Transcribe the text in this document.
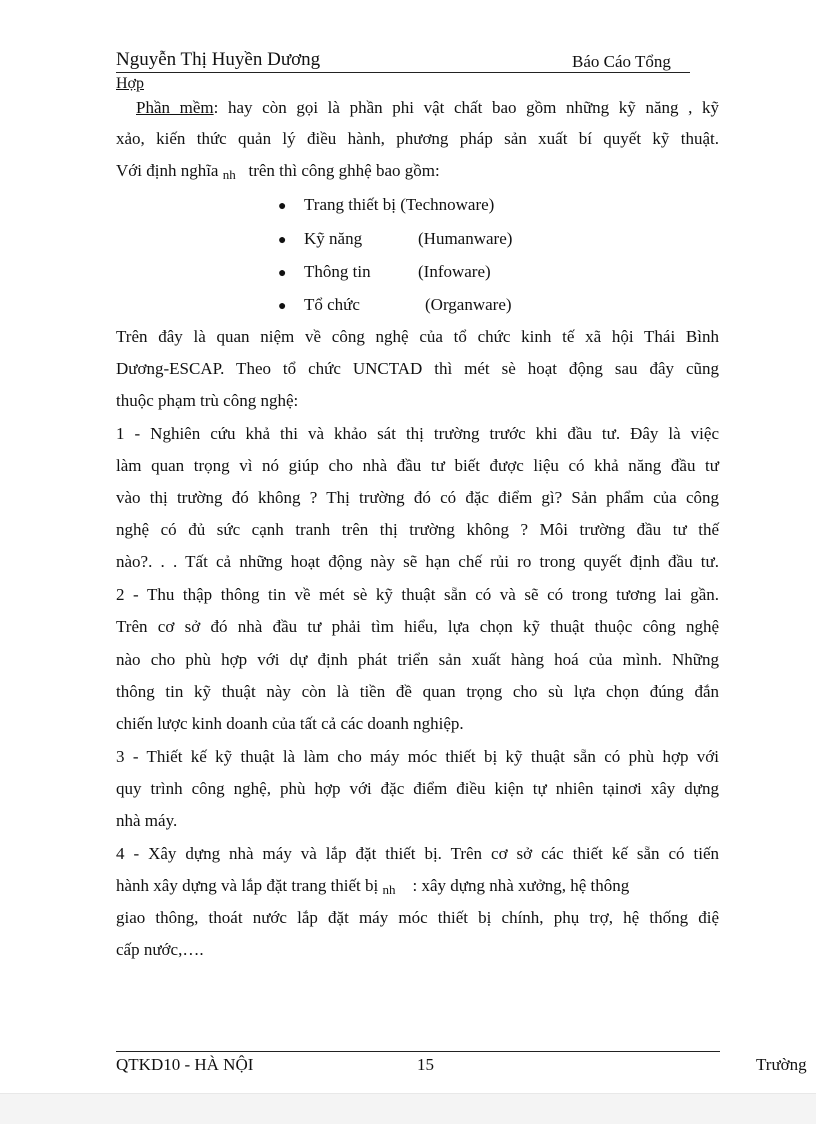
Nguyễn Thị Huyền Dương	Báo Cáo Tổng
Hợp
Phần mềm: hay còn gọi là phần phi vật chất bao gồm những kỹ năng , kỹ
xảo, kiến thức quản lý điều hành, phương pháp sản xuất bí quyết kỹ thuật.
Với định nghĩa nh trên thì công ghhệ bao gồm:
● Trang thiết bị (Technoware)
● Kỹ năng	(Humanware)
● Thông tin	(Infoware)
● Tổ chức	(Organware)
Trên đây là quan niệm về công nghệ của tổ chức kinh tế xã hội Thái Bình
Dương-ESCAP. Theo tổ chức UNCTAD thì mét sè hoạt động sau đây cũng
thuộc phạm trù công nghệ:
1 - Nghiên cứu khả thi và khảo sát thị trường trước khi đầu tư. Đây là việc
làm quan trọng vì nó giúp cho nhà đầu tư biết được liệu có khả năng đầu tư
vào thị trường đó không ? Thị trường đó có đặc điểm gì? Sản phẩm của công
nghệ có đủ sức cạnh tranh trên thị trường không ? Môi trường đầu tư thế
nào?. . . Tất cả những hoạt động này sẽ hạn chế rủi ro trong quyết định đầu tư.
2 - Thu thập thông tin về mét sè kỹ thuật sẵn có và sẽ có trong tương lai gần.
Trên cơ sở đó nhà đầu tư phải tìm hiểu, lựa chọn kỹ thuật thuộc công nghệ
nào cho phù hợp với dự định phát triển sản xuất hàng hoá của mình. Những
thông tin kỹ thuật này còn là tiền đề quan trọng cho sù lựa chọn đúng đắn
chiến lược kinh doanh của tất cả các doanh nghiệp.
3 - Thiết kế kỹ thuật là làm cho máy móc thiết bị kỹ thuật sẵn có phù hợp với
quy trình công nghệ, phù hợp với đặc điểm điều kiện tự nhiên tạinơi xây dựng
nhà máy.
4 - Xây dựng nhà máy và lắp đặt thiết bị. Trên cơ sở các thiết kế sẵn có tiến
hành xây dựng và lắp đặt trang thiết bị nh : xây dựng nhà xưởng, hệ thông
giao thông, thoát nước lắp đặt máy móc thiết bị chính, phụ trợ, hệ thống điệ
cấp nước,….
QTKD10 - HÀ NỘI	15	Trường
